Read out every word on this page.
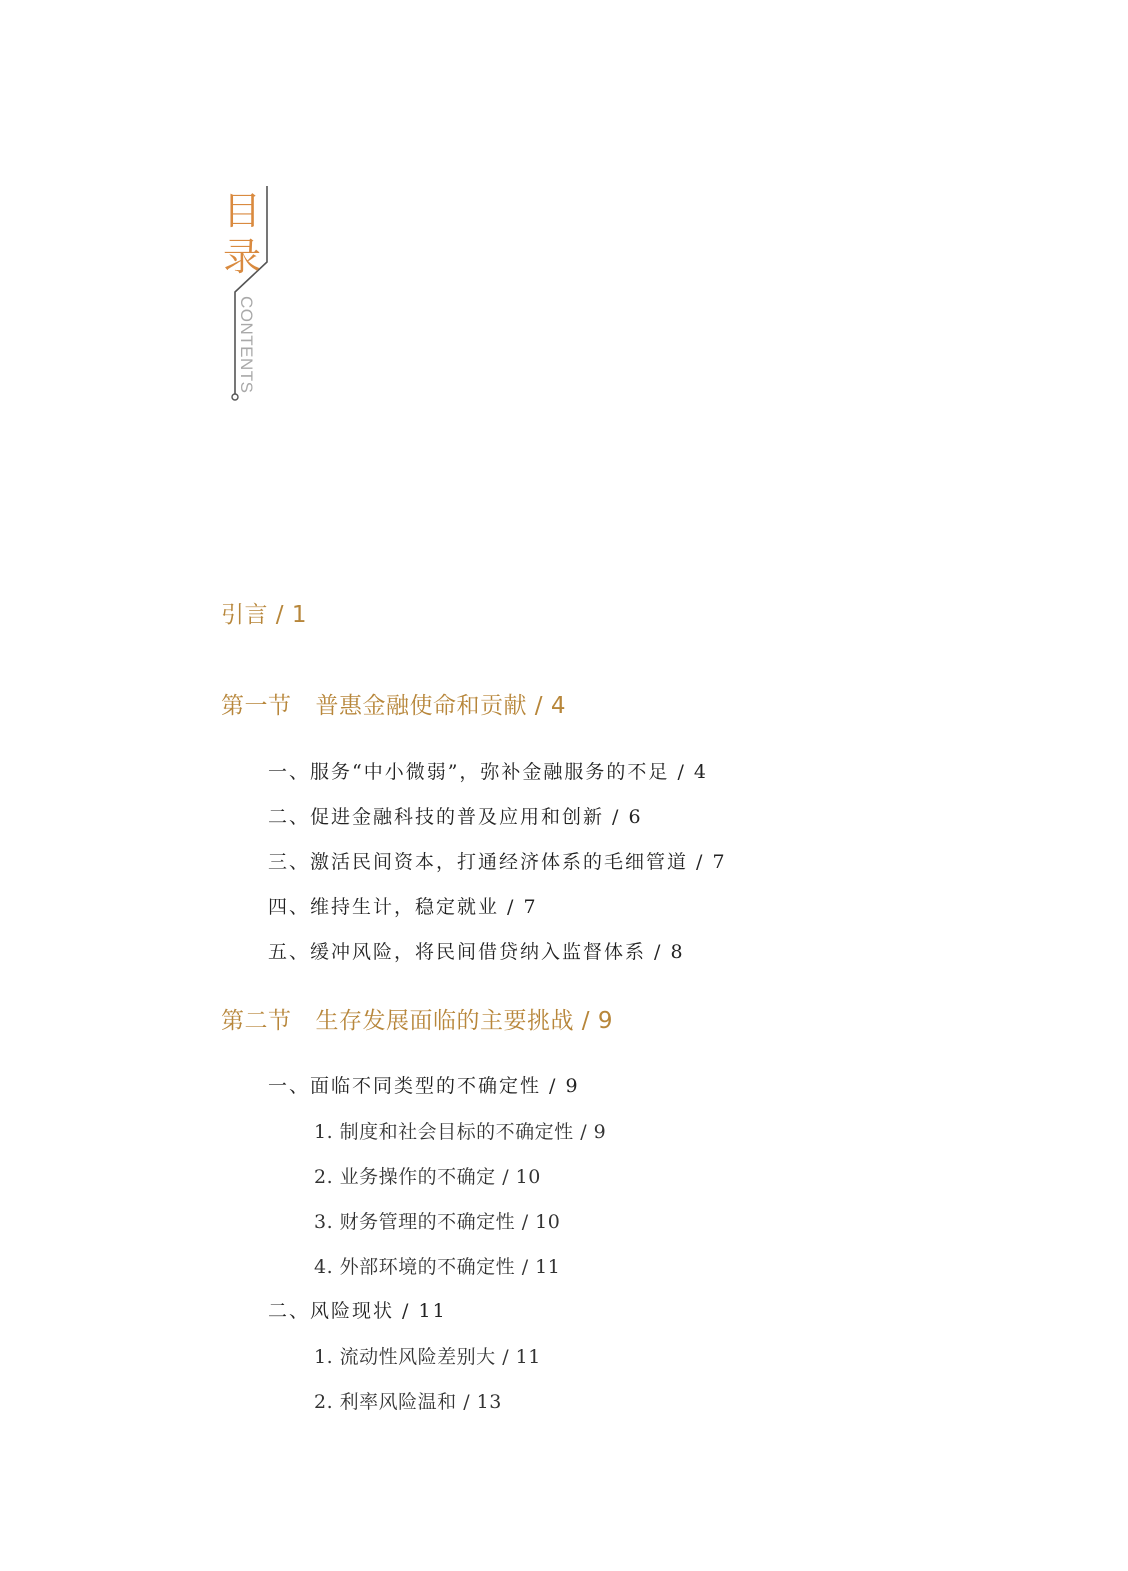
目
录
CONTENTS
引言 / 1
第一节 普惠金融使命和贡献 / 4
一、服务“中小微弱”，弥补金融服务的不足 / 4
二、促进金融科技的普及应用和创新 / 6
三、激活民间资本，打通经济体系的毛细管道 / 7
四、维持生计，稳定就业 / 7
五、缓冲风险，将民间借贷纳入监督体系 / 8
第二节 生存发展面临的主要挑战 / 9
一、面临不同类型的不确定性 / 9
1. 制度和社会目标的不确定性 / 9
2. 业务操作的不确定 / 10
3. 财务管理的不确定性 / 10
4. 外部环境的不确定性 / 11
二、风险现状 / 11
1. 流动性风险差别大 / 11
2. 利率风险温和 / 13
